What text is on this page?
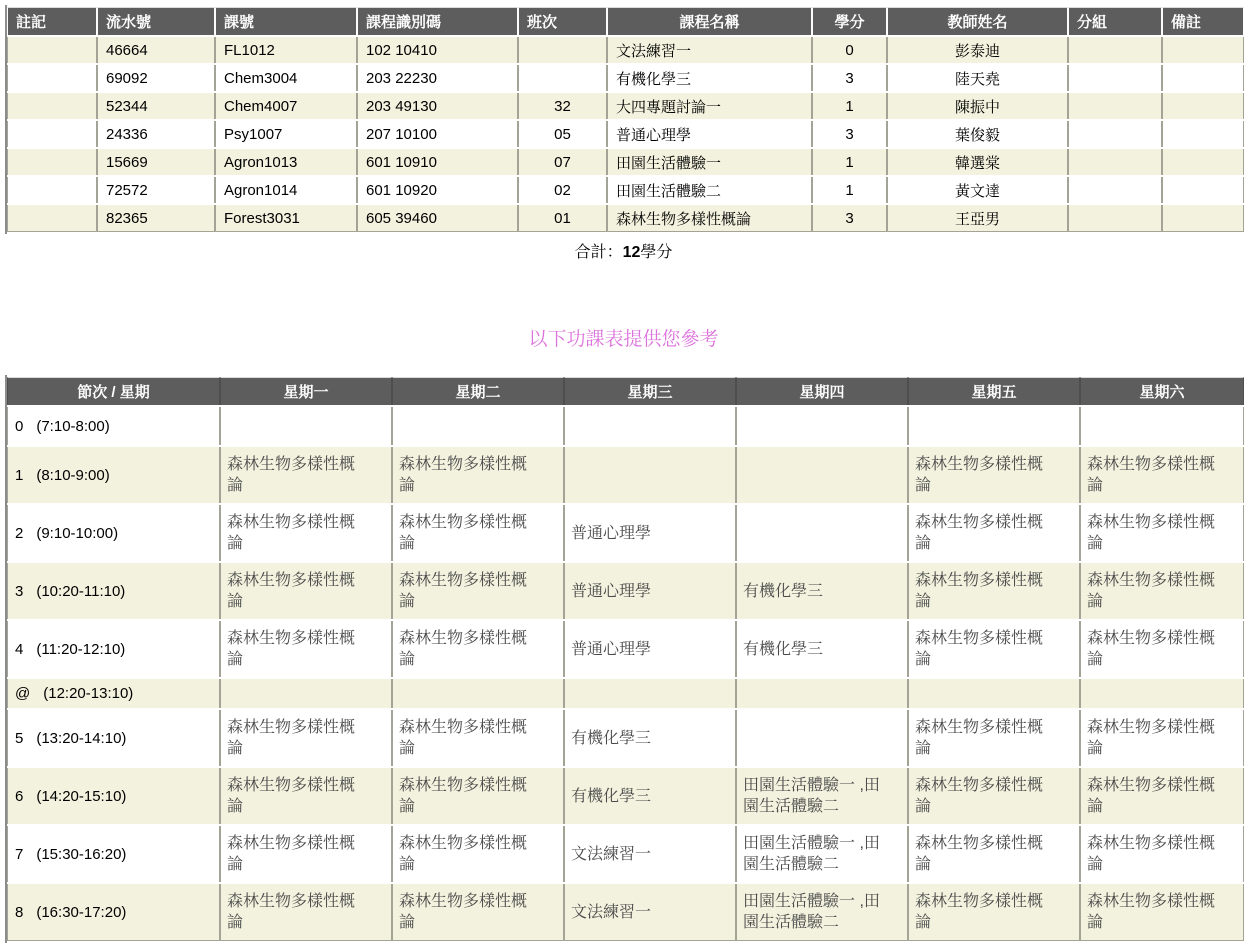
註記	流水號	課號	課程識別碼	班次	課程名稱	學分	教師姓名	分組	備註
	46664	FL1012	102 10410		文法練習一	0	彭泰迪		
	69092	Chem3004	203 22230		有機化學三	3	陸天堯		
	52344	Chem4007	203 49130	32	大四專題討論一	1	陳振中		
	24336	Psy1007	207 10100	05	普通心理學	3	葉俊毅		
	15669	Agron1013	601 10910	07	田園生活體驗一	1	韓選棠		
	72572	Agron1014	601 10920	02	田園生活體驗二	1	黃文達		
	82365	Forest3031	605 39460	01	森林生物多樣性概論	3	王亞男		
合計：12學分
以下功課表提供您參考
節次 / 星期	星期一	星期二	星期三	星期四	星期五	星期六
0 (7:10-8:00)						
1 (8:10-9:00)	森林生物多樣性概論	森林生物多樣性概論			森林生物多樣性概論	森林生物多樣性概論
2 (9:10-10:00)	森林生物多樣性概論	森林生物多樣性概論	普通心理學		森林生物多樣性概論	森林生物多樣性概論
3 (10:20-11:10)	森林生物多樣性概論	森林生物多樣性概論	普通心理學	有機化學三	森林生物多樣性概論	森林生物多樣性概論
4 (11:20-12:10)	森林生物多樣性概論	森林生物多樣性概論	普通心理學	有機化學三	森林生物多樣性概論	森林生物多樣性概論
@ (12:20-13:10)						
5 (13:20-14:10)	森林生物多樣性概論	森林生物多樣性概論	有機化學三		森林生物多樣性概論	森林生物多樣性概論
6 (14:20-15:10)	森林生物多樣性概論	森林生物多樣性概論	有機化學三	田園生活體驗一 ,田園生活體驗二	森林生物多樣性概論	森林生物多樣性概論
7 (15:30-16:20)	森林生物多樣性概論	森林生物多樣性概論	文法練習一	田園生活體驗一 ,田園生活體驗二	森林生物多樣性概論	森林生物多樣性概論
8 (16:30-17:20)	森林生物多樣性概論	森林生物多樣性概論	文法練習一	田園生活體驗一 ,田園生活體驗二	森林生物多樣性概論	森林生物多樣性概論
